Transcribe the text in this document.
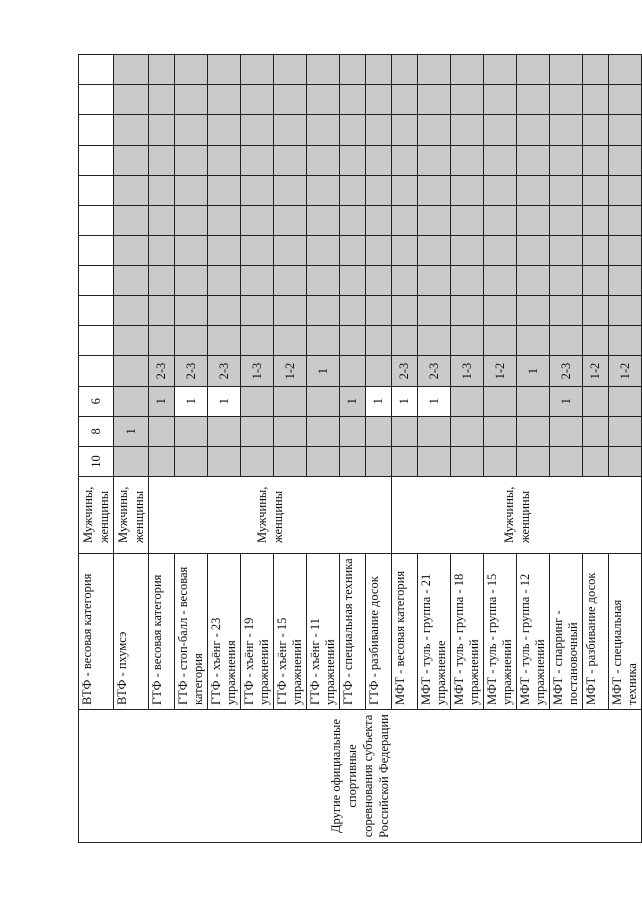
Другие официальные спортивные соревнования субъекта Российской Федерации	ВТФ - весовая категория	Мужчины, женщины	10	8	6											
	ВТФ - пхумсэ	Мужчины, женщины		1												
	ГТФ - весовая категория	Мужчины, женщины			1	2-3										
	ГТФ - стоп-балл - весовая категория				1	2-3										
	ГТФ - хъёнг - 23 упражнения				1	2-3										
	ГТФ - хъёнг - 19 упражнений					1-3										
	ГТФ - хъёнг - 15 упражнений					1-2										
	ГТФ - хъёнг - 11 упражнений					1										
	ГТФ - специальная техника				1											
	ГТФ - разбивание досок				1											
	МФТ - весовая категория	Мужчины, женщины			1	2-3										
	МФТ - туль - группа - 21 упражнение				1	2-3										
	МФТ - туль - группа - 18 упражнений					1-3										
	МФТ - туль - группа - 15 упражнений					1-2										
	МФТ - туль - группа - 12 упражнений					1										
	МФТ - спарринг - постановочный				1	2-3										
	МФТ - разбивание досок					1-2										
	МФТ - специальная техника					1-2										
